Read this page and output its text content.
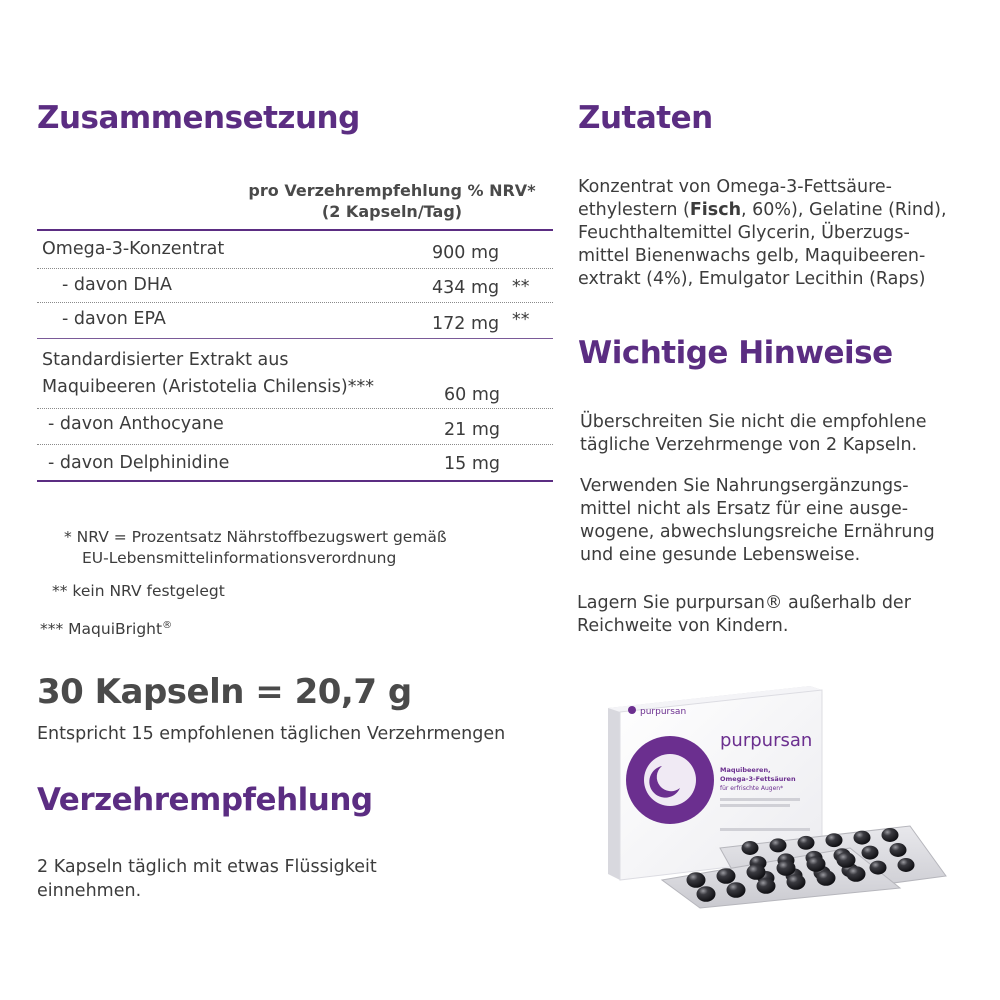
Zusammensetzung
pro Verzehrempfehlung % NRV*
(2 Kapseln/Tag)
Omega-3-Konzentrat	900 mg
- davon DHA	434 mg **
- davon EPA	172 mg **
Standardisierter Extrakt aus
Maquibeeren (Aristotelia Chilensis)***	60 mg
- davon Anthocyane	21 mg
- davon Delphinidine	15 mg
* NRV = Prozentsatz Nährstoffbezugswert gemäß
EU-Lebensmittelinformationsverordnung
** kein NRV festgelegt
*** MaquiBright®
30 Kapseln = 20,7 g
Entspricht 15 empfohlenen täglichen Verzehrmengen
Verzehrempfehlung
2 Kapseln täglich mit etwas Flüssigkeit
einnehmen.
Zutaten
Konzentrat von Omega-3-Fettsäure-
ethylestern (Fisch, 60%), Gelatine (Rind),
Feuchthaltemittel Glycerin, Überzugs-
mittel Bienenwachs gelb, Maquibeeren-
extrakt (4%), Emulgator Lecithin (Raps)
Wichtige Hinweise
Überschreiten Sie nicht die empfohlene
tägliche Verzehrmenge von 2 Kapseln.
Verwenden Sie Nahrungsergänzungs-
mittel nicht als Ersatz für eine ausge-
wogene, abwechslungsreiche Ernährung
und eine gesunde Lebensweise.
Lagern Sie purpursan® außerhalb der
Reichweite von Kindern.
purpursan
purpursan
Maquibeeren,
Omega-3-Fettsäuren
für erfrischte Augen*
